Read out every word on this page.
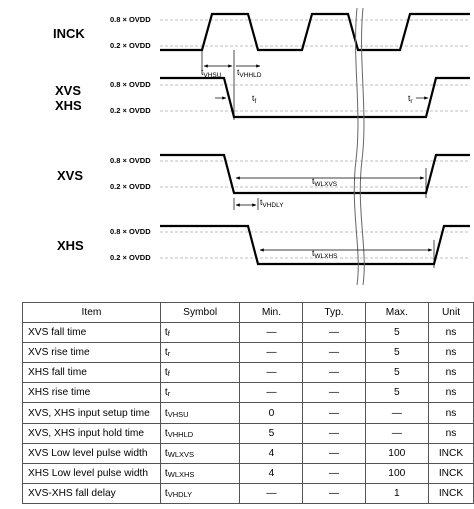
INCK
XVS
XHS
XVS
XHS
0.8 × OVDD
0.2 × OVDD
0.8 × OVDD
0.2 × OVDD
0.8 × OVDD
0.2 × OVDD
0.8 × OVDD
0.2 × OVDD
$t_{VHSU}$ $t_{VHHLD}$
$t_f$	$t_r$
$t_{WLXVS}$
$t_{VHDLY}$
$t_{WLXHS}$
Item	Symbol	Min.	Typ.	Max.	Unit
XVS fall time	tf	—	—	5	ns
XVS rise time	tr	—	—	5	ns
XHS fall time	tf	—	—	5	ns
XHS rise time	tr	—	—	5	ns
XVS, XHS input setup time	tVHSU	0	—	—	ns
XVS, XHS input hold time	tVHHLD	5	—	—	ns
XVS Low level pulse width	tWLXVS	4	—	100	INCK
XHS Low level pulse width	tWLXHS	4	—	100	INCK
XVS-XHS fall delay	tVHDLY	—	—	1	INCK
